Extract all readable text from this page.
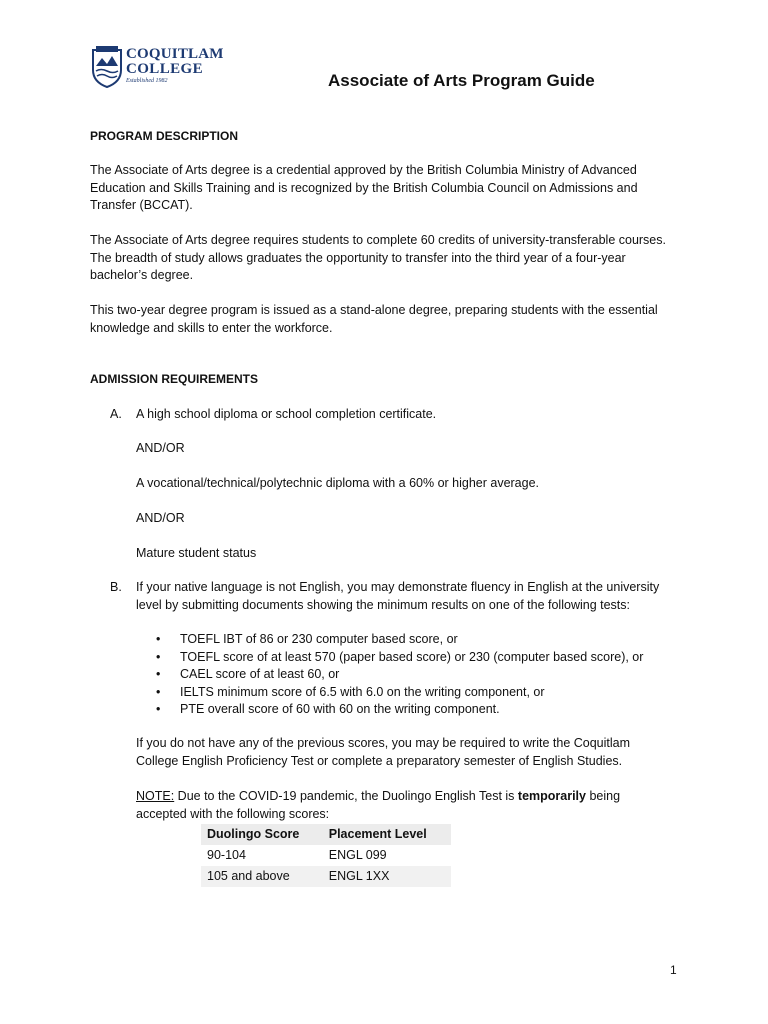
COQUITLAM
COLLEGE
Established 1982	Associate of Arts Program Guide
PROGRAM DESCRIPTION

The Associate of Arts degree is a credential approved by the British Columbia Ministry of Advanced Education and Skills Training and is recognized by the British Columbia Council on Admissions and Transfer (BCCAT).

The Associate of Arts degree requires students to complete 60 credits of university-transferable courses. The breadth of study allows graduates the opportunity to transfer into the third year of a four-year bachelor’s degree.

This two-year degree program is issued as a stand-alone degree, preparing students with the essential knowledge and skills to enter the workforce.

ADMISSION REQUIREMENTS
A.	A high school diploma or school completion certificate.
AND/OR
A vocational/technical/polytechnic diploma with a 60% or higher average.
AND/OR
Mature student status
B.	If your native language is not English, you may demonstrate fluency in English at the university level by submitting documents showing the minimum results on one of the following tests:
• TOEFL IBT of 86 or 230 computer based score, or
• TOEFL score of at least 570 (paper based score) or 230 (computer based score), or
• CAEL score of at least 60, or
• IELTS minimum score of 6.5 with 6.0 on the writing component, or
• PTE overall score of 60 with 60 on the writing component.
If you do not have any of the previous scores, you may be required to write the Coquitlam College English Proficiency Test or complete a preparatory semester of English Studies.
NOTE: Due to the COVID-19 pandemic, the Duolingo English Test is temporarily being accepted with the following scores:
Duolingo Score	Placement Level
90-104	ENGL 099
105 and above	ENGL 1XX
1
